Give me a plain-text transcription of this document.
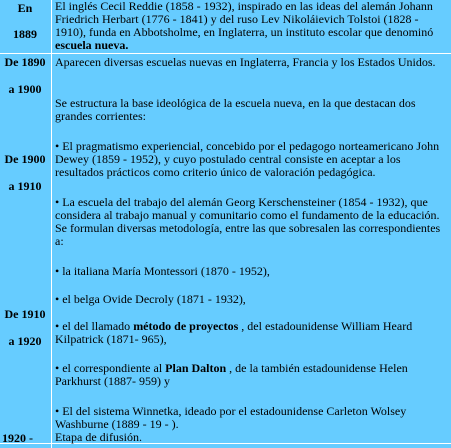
En
1889
El inglés Cecil Reddie (1858 - 1932), inspirado en las ideas del alemán Johann Friedrich Herbart (1776 - 1841) y del ruso Lev Nikoláievich Tolstoi (1828 - 1910), funda en Abbotsholme, en Inglaterra, un instituto escolar que denominó escuela nueva.
De 1890 Aparecen diversas escuelas nuevas en Inglaterra, Francia y los Estados Unidos.
a 1900
Se estructura la base ideológica de la escuela nueva, en la que destacan dos grandes corrientes:
• El pragmatismo experiencial, concebido por el pedagogo norteamericano John Dewey (1859 - 1952), y cuyo postulado central consiste en aceptar a los resultados prácticos como criterio único de valoración pedagógica.
De 1900
a 1910
• La escuela del trabajo del alemán Georg Kerschensteiner (1854 - 1932), que considera al trabajo manual y comunitario como el fundamento de la educación. Se formulan diversas metodología, entre las que sobresalen las correspondientes a:
• la italiana María Montessori (1870 - 1952),
• el belga Ovide Decroly (1871 - 1932),
De 1910
• el del llamado método de proyectos , del estadounidense William Heard Kilpatrick (1871- 965),
a 1920
• el correspondiente al Plan Dalton , de la también estadounidense Helen Parkhurst (1887- 959) y
• El del sistema Winnetka, ideado por el estadounidense Carleton Wolsey Washburne (1889 - 19 - ).
1920 -	Etapa de difusión.
